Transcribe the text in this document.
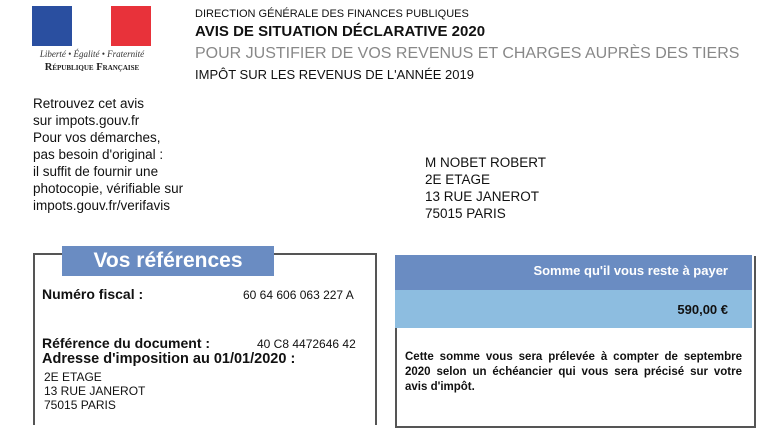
Liberté • Égalité • Fraternité
République Française
DIRECTION GÉNÉRALE DES FINANCES PUBLIQUES
AVIS DE SITUATION DÉCLARATIVE 2020
POUR JUSTIFIER DE VOS REVENUS ET CHARGES AUPRÈS DES TIERS
IMPÔT SUR LES REVENUS DE L'ANNÉE 2019
Retrouvez cet avis
sur impots.gouv.fr
Pour vos démarches,
pas besoin d'original :
il suffit de fournir une
photocopie, vérifiable sur
impots.gouv.fr/verifavis
M NOBET ROBERT
2E ETAGE
13 RUE JANEROT
75015 PARIS
Vos références
Numéro fiscal :	60 64 606 063 227 A
Référence du document :	40 C8 4472646 42
Adresse d'imposition au 01/01/2020 :
2E ETAGE
13 RUE JANEROT
75015 PARIS
Somme qu'il vous reste à payer
590,00 €
Cette somme vous sera prélevée à compter de septembre 2020 selon un échéancier qui vous sera précisé sur votre avis d'impôt.
